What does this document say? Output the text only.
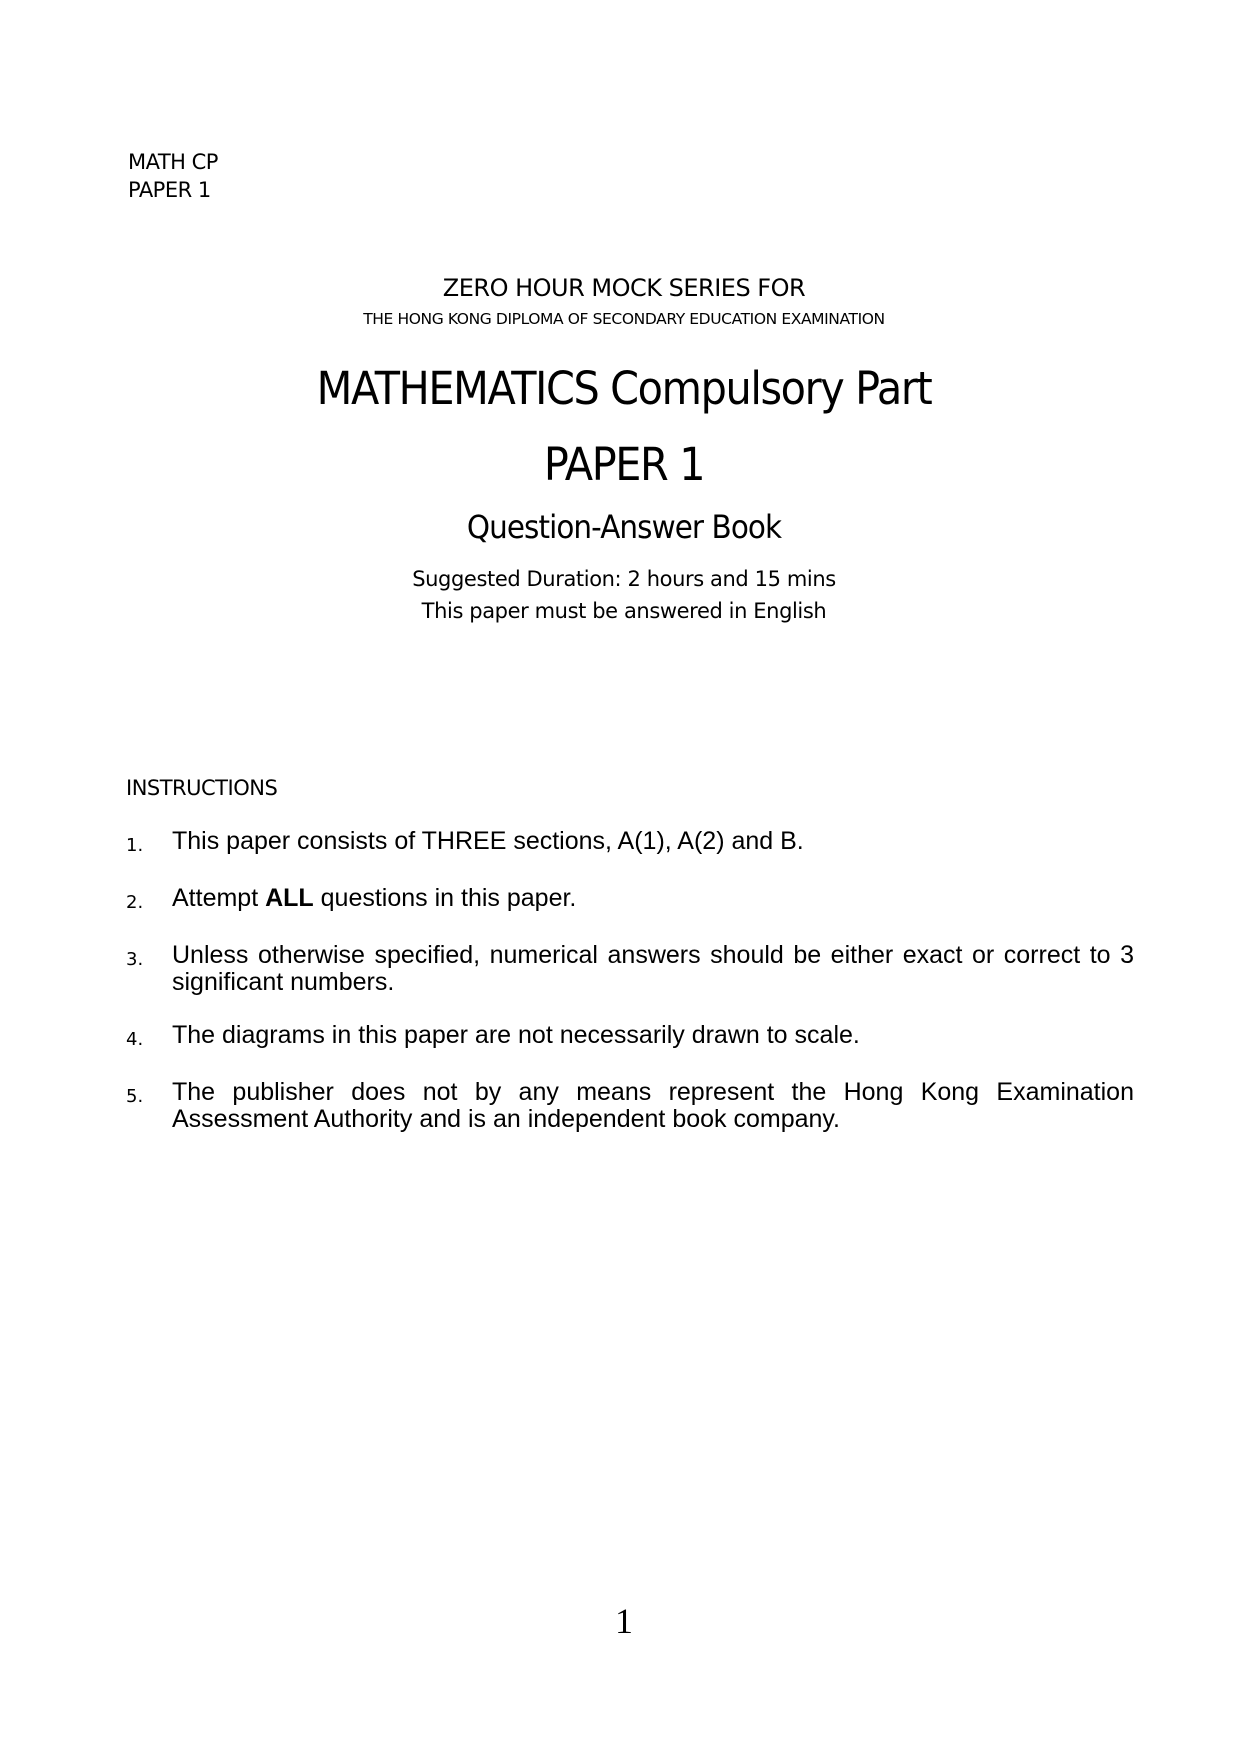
MATH CP
PAPER 1
ZERO HOUR MOCK SERIES FOR
THE HONG KONG DIPLOMA OF SECONDARY EDUCATION EXAMINATION
MATHEMATICS Compulsory Part
PAPER 1
Question-Answer Book
Suggested Duration: 2 hours and 15 mins
This paper must be answered in English
INSTRUCTIONS
1.	This paper consists of THREE sections, A(1), A(2) and B.
2.	Attempt ALL questions in this paper.
3.	Unless otherwise specified, numerical answers should be either exact or correct to 3 significant numbers.
4.	The diagrams in this paper are not necessarily drawn to scale.
5.	The publisher does not by any means represent the Hong Kong Examination Assessment Authority and is an independent book company.
1
